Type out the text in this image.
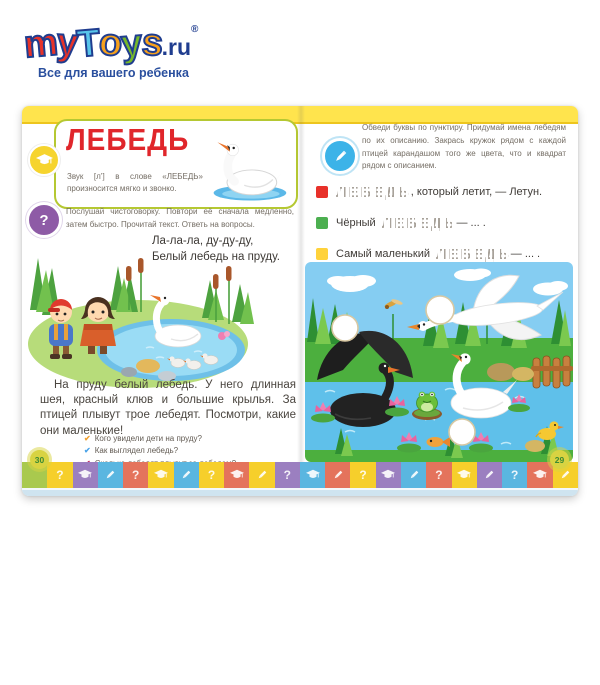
myToys.ru®
Все для вашего ребенка
ЛЕБЕДЬ
Звук [л’] в слове «ЛЕБЕДЬ» произносится мягко и звонко.
? Послушай чистоговорку. Повтори её сначала медленно, затем быстро. Прочитай текст. Ответь на вопросы.
Ла-ла-ла, ду-ду-ду,
Белый лебедь на пруду.
На пруду белый лебедь. У него длинная шея, красный клюв и большие крылья. За птицей плывут трое лебедят. Посмотри, какие они маленькие!
✔ Кого увидели дети на пруду?
✔ Как выглядел лебедь?
30
Обведи буквы по пунктиру. Придумай имена лебедям по их описанию. Закрась кружок рядом с каждой птицей карандашом того же цвета, что и квадрат рядом с описанием.
ЛЕБЕДЬ , который летит, — Летун.
Чёрный ЛЕБЕДЬ — ... .
Самый маленький ЛЕБЕДЬ — ... .
29
?	?	?	?	?	?	?
